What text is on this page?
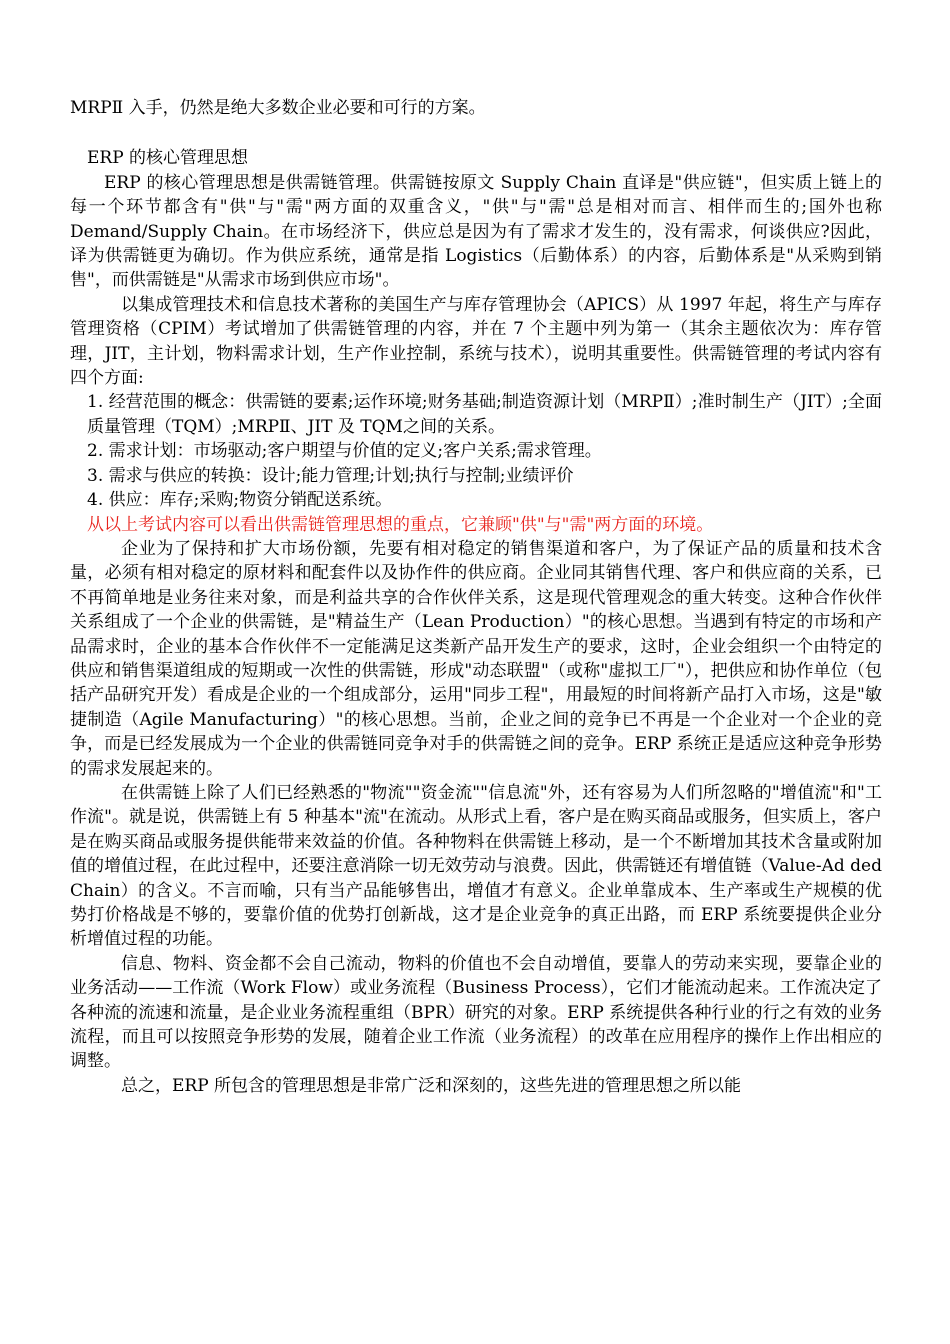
MRPⅡ 入手，仍然是绝大多数企业必要和可行的方案。

ERP 的核心管理思想

ERP 的核心管理思想是供需链管理。供需链按原文 Supply Chain 直译是"供应链"，但实质上链上的每一个环节都含有"供"与"需"两方面的双重含义，"供"与"需"总是相对而言、相伴而生的;国外也称 Demand/Supply Chain。在市场经济下，供应总是因为有了需求才发生的，没有需求，何谈供应?因此，译为供需链更为确切。作为供应系统，通常是指 Logistics（后勤体系）的内容，后勤体系是"从采购到销售"，而供需链是"从需求市场到供应市场"。

以集成管理技术和信息技术著称的美国生产与库存管理协会（APICS）从 1997 年起，将生产与库存管理资格（CPIM）考试增加了供需链管理的内容，并在 7 个主题中列为第一（其余主题依次为：库存管理，JIT，主计划，物料需求计划，生产作业控制，系统与技术），说明其重要性。供需链管理的考试内容有四个方面:

1. 经营范围的概念：供需链的要素;运作环境;财务基础;制造资源计划（MRPⅡ）;准时制生产（JIT）;全面质量管理（TQM）;MRPⅡ、JIT 及 TQM之间的关系。

2. 需求计划：市场驱动;客户期望与价值的定义;客户关系;需求管理。

3. 需求与供应的转换：设计;能力管理;计划;执行与控制;业绩评价

4. 供应：库存;采购;物资分销配送系统。

从以上考试内容可以看出供需链管理思想的重点，它兼顾"供"与"需"两方面的环境。

企业为了保持和扩大市场份额，先要有相对稳定的销售渠道和客户，为了保证产品的质量和技术含量，必须有相对稳定的原材料和配套件以及协作件的供应商。企业同其销售代理、客户和供应商的关系，已不再简单地是业务往来对象，而是利益共享的合作伙伴关系，这是现代管理观念的重大转变。这种合作伙伴关系组成了一个企业的供需链，是"精益生产（Lean Production）"的核心思想。当遇到有特定的市场和产品需求时，企业的基本合作伙伴不一定能满足这类新产品开发生产的要求，这时，企业会组织一个由特定的供应和销售渠道组成的短期或一次性的供需链，形成"动态联盟"（或称"虚拟工厂"），把供应和协作单位（包括产品研究开发）看成是企业的一个组成部分，运用"同步工程"，用最短的时间将新产品打入市场，这是"敏捷制造（Agile Manufacturing）"的核心思想。当前，企业之间的竞争已不再是一个企业对一个企业的竞争，而是已经发展成为一个企业的供需链同竞争对手的供需链之间的竞争。ERP 系统正是适应这种竞争形势的需求发展起来的。

在供需链上除了人们已经熟悉的"物流""资金流""信息流"外，还有容易为人们所忽略的"增值流"和"工作流"。就是说，供需链上有 5 种基本"流"在流动。从形式上看，客户是在购买商品或服务，但实质上，客户是在购买商品或服务提供能带来效益的价值。各种物料在供需链上移动，是一个不断增加其技术含量或附加值的增值过程，在此过程中，还要注意消除一切无效劳动与浪费。因此，供需链还有增值链（Value-Ad ded Chain）的含义。不言而喻，只有当产品能够售出，增值才有意义。企业单靠成本、生产率或生产规模的优势打价格战是不够的，要靠价值的优势打创新战，这才是企业竞争的真正出路，而 ERP 系统要提供企业分析增值过程的功能。

信息、物料、资金都不会自己流动，物料的价值也不会自动增值，要靠人的劳动来实现，要靠企业的业务活动——工作流（Work Flow）或业务流程（Business Process），它们才能流动起来。工作流决定了各种流的流速和流量，是企业业务流程重组（BPR）研究的对象。ERP 系统提供各种行业的行之有效的业务流程，而且可以按照竞争形势的发展，随着企业工作流（业务流程）的改革在应用程序的操作上作出相应的调整。

总之，ERP 所包含的管理思想是非常广泛和深刻的，这些先进的管理思想之所以能
